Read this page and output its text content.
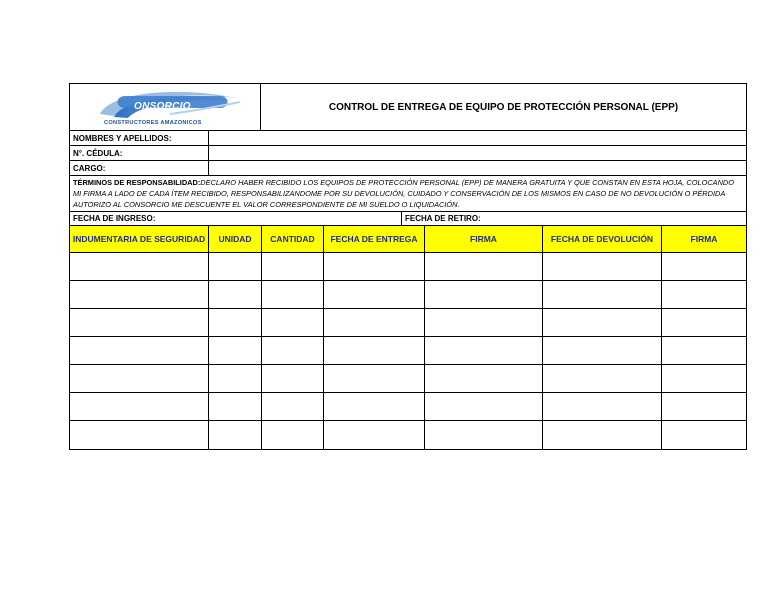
ONSORCIO
CONSTRUCTORES AMAZONICOS
CONTROL DE ENTREGA DE EQUIPO DE PROTECCIÓN PERSONAL (EPP)
NOMBRES Y APELLIDOS:
N°. CÉDULA:
CARGO:
TÉRMINOS DE RESPONSABILIDAD:DECLARO HABER RECIBIDO LOS EQUIPOS DE PROTECCIÓN PERSONAL (EPP) DE MANERA GRATUITA Y QUE CONSTAN EN ESTA HOJA, COLOCANDO MI FIRMA A LADO DE CADA ÍTEM RECIBIDO, RESPONSABILIZANDOME POR SU DEVOLUCIÓN, CUIDADO Y CONSERVACIÓN DE LOS MISMOS EN CASO DE NO DEVOLUCIÓN O PÉRDIDA AUTORIZO AL CONSORCIO ME DESCUENTE EL VALOR CORRESPONDIENTE DE MI SUELDO O LIQUIDACIÓN.
FECHA DE INGRESO:	FECHA DE RETIRO:
INDUMENTARIA DE SEGURIDAD	UNIDAD	CANTIDAD	FECHA DE ENTREGA	FIRMA	FECHA DE DEVOLUCIÓN	FIRMA
